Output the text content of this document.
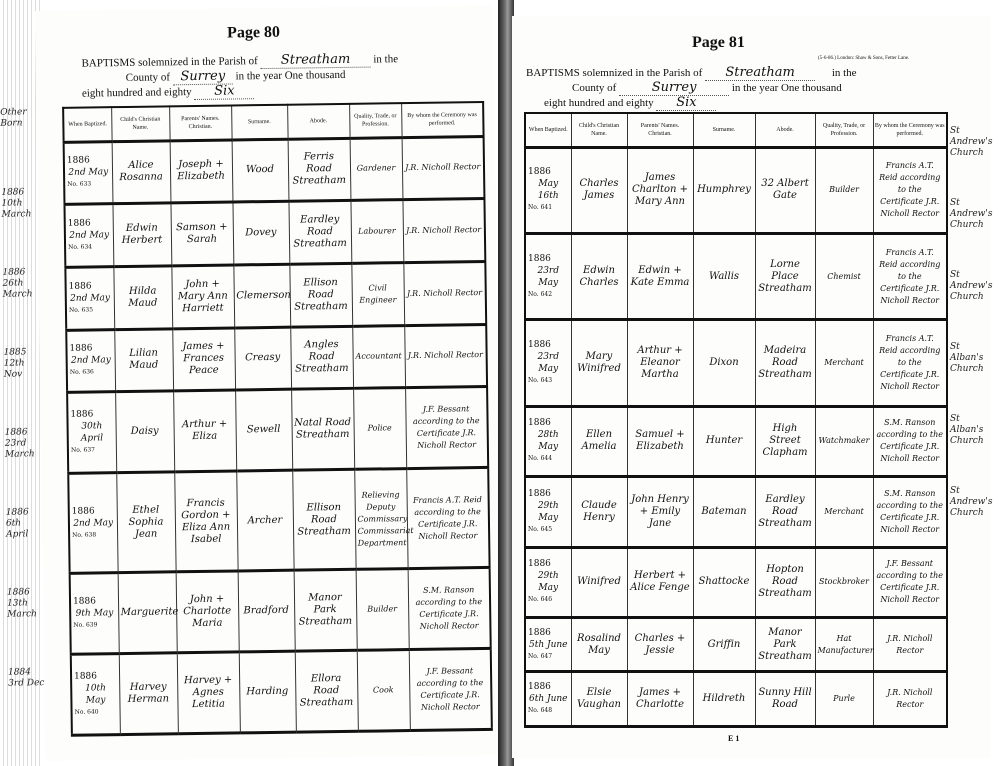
Page 80
BAPTISMS solemnized in the Parish of Streatham in the
County of Surrey in the year One thousand
eight hundred and eighty Six
When Baptized.	Child's Christian Name.	Parents' Names. Christian.	Surname.	Abode.	Quality, Trade, or Profession.	By whom the Ceremony was performed.

1886
2nd May
No. 633	Alice Rosanna	Joseph + Elizabeth	Wood	Ferris Road Streatham	Gardener	J.R. Nicholl Rector

1886
2nd May
No. 634	Edwin Herbert	Samson + Sarah	Dovey	Eardley Road Streatham	Labourer	J.R. Nicholl Rector

1886
2nd May
No. 635	Hilda Maud	John + Mary Ann Harriett	Clemerson	Ellison Road Streatham	Civil Engineer	J.R. Nicholl Rector

1886
2nd May
No. 636	Lilian Maud	James + Frances Peace	Creasy	Angles Road Streatham	Accountant	J.R. Nicholl Rector

1886
30th April
No. 637	Daisy	Arthur + Eliza	Sewell	Natal Road Streatham	Police	J.F. Bessant according to the Certificate J.R. Nicholl Rector

1886
2nd May
No. 638	Ethel Sophia Jean	Francis Gordon + Eliza Ann Isabel	Archer	Ellison Road Streatham	Relieving Deputy Commissary Commissariat Department	Francis A.T. Reid according to the Certificate J.R. Nicholl Rector

1886
9th May
No. 639	Marguerite	John + Charlotte Maria	Bradford	Manor Park Streatham	Builder	S.M. Ranson according to the Certificate J.R. Nicholl Rector

1886
10th May
No. 640	Harvey Herman	Harvey + Agnes Letitia	Harding	Ellora Road Streatham	Cook	J.F. Bessant according to the Certificate J.R. Nicholl Rector
Other Born
1886 10th March
1886 26th March
1885 12th Nov
1886 23rd March
1886 6th April
1886 13th March
1884 3rd Dec
Page 81
(5-6-86.) London: Shaw & Sons, Fetter Lane.
BAPTISMS solemnized in the Parish of Streatham	in the
County of	Surrey	in the year One thousand
eight hundred and eighty Six
When Baptized.	Child's Christian Name.	Parents' Names. Christian.	Surname.	Abode.	Quality, Trade, or Profession.	By whom the Ceremony was performed.

1886
May 16th
No. 641	Charles James	James Charlton + Mary Ann	Humphrey	32 Albert Gate	Builder	Francis A.T. Reid according to the Certificate J.R. Nicholl Rector

1886
23rd May
No. 642	Edwin Charles	Edwin + Kate Emma	Wallis	Lorne Place Streatham	Chemist	Francis A.T. Reid according to the Certificate J.R. Nicholl Rector

1886
23rd May
No. 643	Mary Winifred	Arthur + Eleanor Martha	Dixon	Madeira Road Streatham	Merchant	Francis A.T. Reid according to the Certificate J.R. Nicholl Rector

1886
28th May
No. 644	Ellen Amelia	Samuel + Elizabeth	Hunter	High Street Clapham	Watchmaker	S.M. Ranson according to the Certificate J.R. Nicholl Rector

1886
29th May
No. 645	Claude Henry	John Henry + Emily Jane	Bateman	Eardley Road Streatham	Merchant	S.M. Ranson according to the Certificate J.R. Nicholl Rector

1886
29th May
No. 646	Winifred	Herbert + Alice Fenge	Shattocke	Hopton Road Streatham	Stockbroker	J.F. Bessant according to the Certificate J.R. Nicholl Rector

1886
5th June
No. 647	Rosalind May	Charles + Jessie	Griffin	Manor Park Streatham	Hat Manufacturer	J.R. Nicholl Rector

1886
6th June
No. 648	Elsie Vaughan	James + Charlotte	Hildreth	Sunny Hill Road	Purle	J.R. Nicholl Rector
St Andrew's Church
St Andrew's Church
St Andrew's Church
St Alban's Church
St Alban's Church
St Andrew's Church
E 1
